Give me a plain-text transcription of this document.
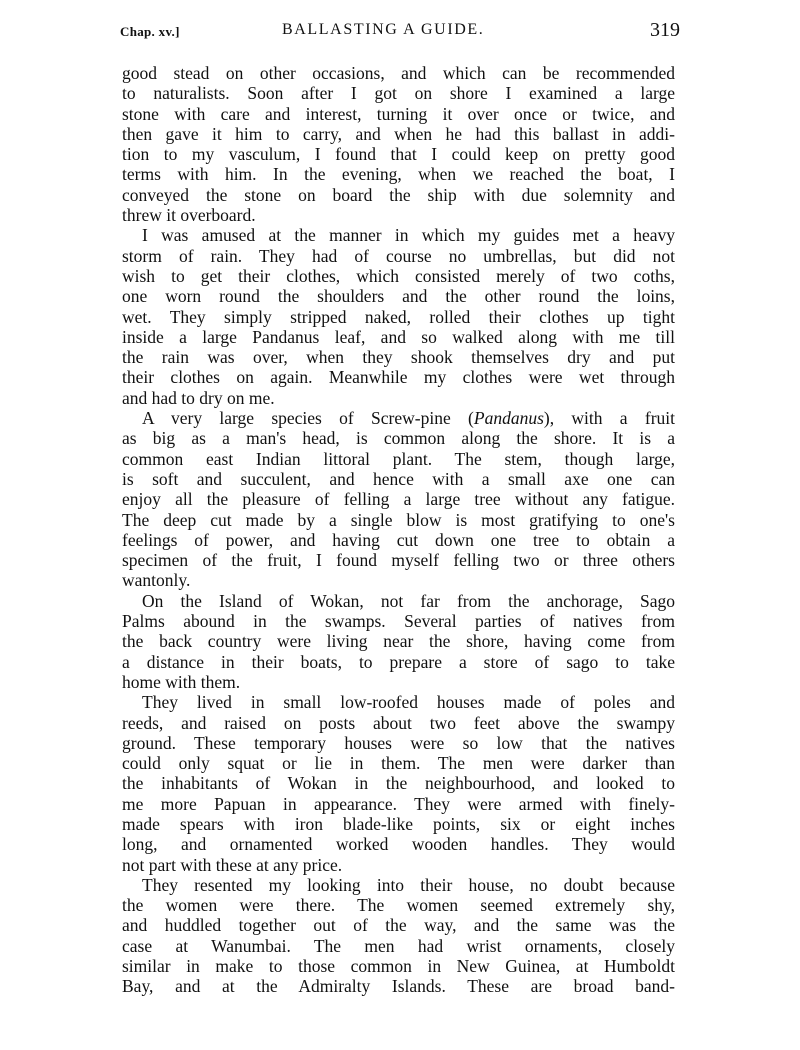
Chap. xv.]	BALLASTING A GUIDE.	319

good stead on other occasions, and which can be recommended
to naturalists. Soon after I got on shore I examined a large
stone with care and interest, turning it over once or twice, and
then gave it him to carry, and when he had this ballast in addi-
tion to my vasculum, I found that I could keep on pretty good
terms with him. In the evening, when we reached the boat, I
conveyed the stone on board the ship with due solemnity and
threw it overboard.

I was amused at the manner in which my guides met a heavy
storm of rain. They had of course no umbrellas, but did not
wish to get their clothes, which consisted merely of two coths,
one worn round the shoulders and the other round the loins,
wet. They simply stripped naked, rolled their clothes up tight
inside a large Pandanus leaf, and so walked along with me till
the rain was over, when they shook themselves dry and put
their clothes on again. Meanwhile my clothes were wet through
and had to dry on me.

A very large species of Screw-pine (Pandanus), with a fruit
as big as a man's head, is common along the shore. It is a
common east Indian littoral plant. The stem, though large,
is soft and succulent, and hence with a small axe one can
enjoy all the pleasure of felling a large tree without any fatigue.
The deep cut made by a single blow is most gratifying to one's
feelings of power, and having cut down one tree to obtain a
specimen of the fruit, I found myself felling two or three others
wantonly.

On the Island of Wokan, not far from the anchorage, Sago
Palms abound in the swamps. Several parties of natives from
the back country were living near the shore, having come from
a distance in their boats, to prepare a store of sago to take
home with them.

They lived in small low-roofed houses made of poles and
reeds, and raised on posts about two feet above the swampy
ground. These temporary houses were so low that the natives
could only squat or lie in them. The men were darker than
the inhabitants of Wokan in the neighbourhood, and looked to
me more Papuan in appearance. They were armed with finely-
made spears with iron blade-like points, six or eight inches
long, and ornamented worked wooden handles. They would
not part with these at any price.

They resented my looking into their house, no doubt because
the women were there. The women seemed extremely shy,
and huddled together out of the way, and the same was the
case at Wanumbai. The men had wrist ornaments, closely
similar in make to those common in New Guinea, at Humboldt
Bay, and at the Admiralty Islands. These are broad band-
